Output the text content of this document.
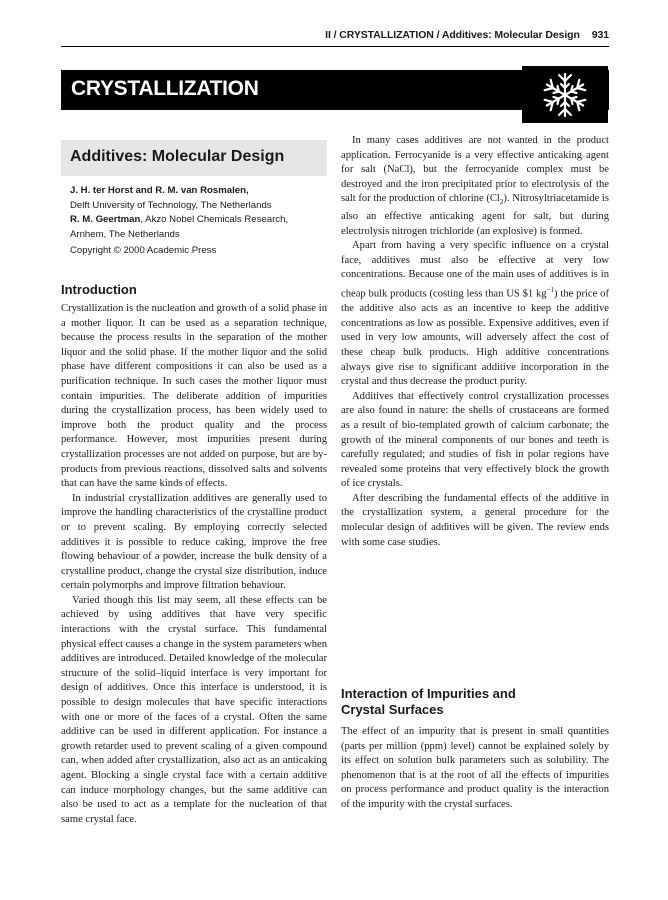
II / CRYSTALLIZATION / Additives: Molecular Design 931
CRYSTALLIZATION
Additives: Molecular Design
J. H. ter Horst and R. M. van Rosmalen,
Delft University of Technology, The Netherlands
R. M. Geertman, Akzo Nobel Chemicals Research,
Arnhem, The Netherlands
Copyright © 2000 Academic Press
Introduction

Crystallization is the nucleation and growth of a solid phase in a mother liquor. It can be used as a separation technique, because the process results in the separation of the mother liquor and the solid phase. If the mother liquor and the solid phase have different compositions it can also be used as a purification technique. In such cases the mother liquor must contain impurities. The deliberate addition of impurities during the crystallization process, has been widely used to improve both the product quality and the process performance. However, most impurities present during crystallization processes are not added on purpose, but are by-products from previous reactions, dissolved salts and solvents that can have the same kinds of effects.

In industrial crystallization additives are generally used to improve the handling characteristics of the crystalline product or to prevent scaling. By employing correctly selected additives it is possible to reduce caking, improve the free flowing behaviour of a powder, increase the bulk density of a crystalline product, change the crystal size distribution, induce certain polymorphs and improve filtration behaviour.

Varied though this list may seem, all these effects can be achieved by using additives that have very specific interactions with the crystal surface. This fundamental physical effect causes a change in the system parameters when additives are introduced. Detailed knowledge of the molecular structure of the solid–liquid interface is very important for design of additives. Once this interface is understood, it is possible to design molecules that have specific interactions with one or more of the faces of a crystal. Often the same additive can be used in different application. For instance a growth retarder used to prevent scaling of a given compound can, when added after crystallization, also act as an anticaking agent. Blocking a single crystal face with a certain additive can induce morphology changes, but the same additive can also be used to act as a template for the nucleation of that same crystal face.

In many cases additives are not wanted in the product application. Ferrocyanide is a very effective anticaking agent for salt (NaCl), but the ferrocyanide complex must be destroyed and the iron precipitated prior to electrolysis of the salt for the production of chlorine $(Cl_2)$. Nitrosyltriacetamide is also an effective anticaking agent for salt, but during electrolysis nitrogen trichloride (an explosive) is formed.

Apart from having a very specific influence on a crystal face, additives must also be effective at very low concentrations. Because one of the main uses of additives is in cheap bulk products (costing less than US $1 $kg^{-1}$) the price of the additive also acts as an incentive to keep the additive concentrations as low as possible. Expensive additives, even if used in very low amounts, will adversely affect the cost of these cheap bulk products. High additive concentrations always give rise to significant additive incorporation in the crystal and thus decrease the product purity.

Additives that effectively control crystallization processes are also found in nature: the shells of crustaceans are formed as a result of bio-templated growth of calcium carbonate; the growth of the mineral components of our bones and teeth is carefully regulated; and studies of fish in polar regions have revealed some proteins that very effectively block the growth of ice crystals.

After describing the fundamental effects of the additive in the crystallization system, a general procedure for the molecular design of additives will be given. The review ends with some case studies.

Interaction of Impurities and
Crystal Surfaces

The effect of an impurity that is present in small quantities (parts per million (ppm) level) cannot be explained solely by its effect on solution bulk parameters such as solubility. The phenomenon that is at the root of all the effects of impurities on process performance and product quality is the interaction of the impurity with the crystal surfaces.
